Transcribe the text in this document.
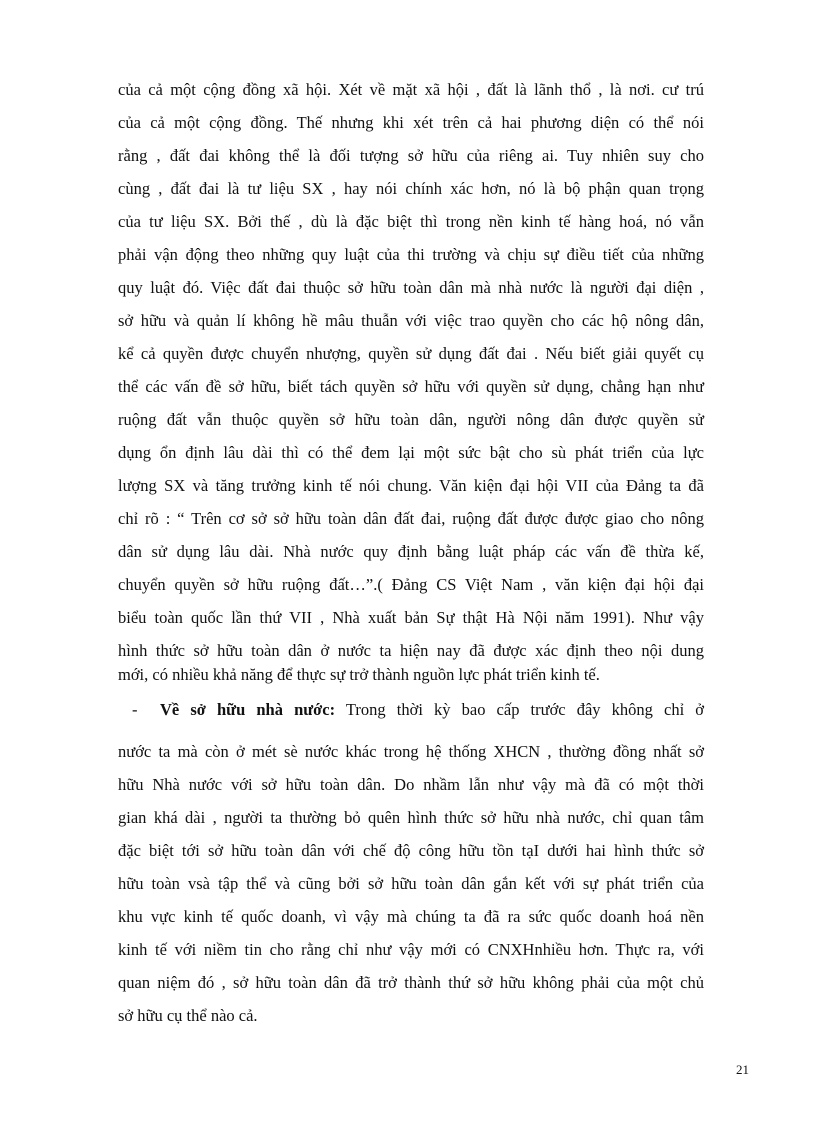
của cả một cộng đồng xã hội. Xét về mặt xã hội , đất là lãnh thổ , là nơi. cư trú
của cả một cộng đồng. Thế nhưng khi xét trên cả hai phương diện có thể nói
rằng , đất đai không thể là đối tượng sở hữu của riêng ai. Tuy nhiên suy cho
cùng , đất đai là tư liệu SX , hay nói chính xác hơn, nó là bộ phận quan trọng
của tư liệu SX. Bởi thế , dù là đặc biệt thì trong nền kinh tế hàng hoá, nó vẫn
phải vận động theo những quy luật của thi trường và chịu sự điều tiết của những
quy luật đó. Việc đất đai thuộc sở hữu toàn dân mà nhà nước là người đại diện ,
sở hữu và quản lí không hề mâu thuẫn với việc trao quyền cho các hộ nông dân,
kể cả quyền được chuyển nhượng, quyền sử dụng đất đai . Nếu biết giải quyết cụ
thể các vấn đề sở hữu, biết tách quyền sở hữu với quyền sử dụng, chẳng hạn như
ruộng đất vẫn thuộc quyền sở hữu toàn dân, người nông dân được quyền sử
dụng ổn định lâu dài thì có thể đem lại một sức bật cho sù phát triển của lực
lượng SX và tăng trưởng kinh tế nói chung. Văn kiện đại hội VII của Đảng ta đã
chỉ rõ : “ Trên cơ sở sở hữu toàn dân đất đai, ruộng đất được được giao cho nông
dân sử dụng lâu dài. Nhà nước quy định bằng luật pháp các vấn đề thừa kế,
chuyển quyền sở hữu ruộng đất…”.( Đảng CS Việt Nam , văn kiện đại hội đại
biểu toàn quốc lần thứ VII , Nhà xuất bản Sự thật Hà Nội năm 1991). Như vậy
hình thức sở hữu toàn dân ở nước ta hiện nay đã được xác định theo nội dung
mới, có nhiều khả năng để thực sự trở thành nguồn lực phát triển kinh tế.
- Về sở hữu nhà nước: Trong thời kỳ bao cấp trước đây không chỉ ở
nước ta mà còn ở mét sè nước khác trong hệ thống XHCN , thường đồng nhất sở
hữu Nhà nước với sở hữu toàn dân. Do nhầm lẫn như vậy mà đã có một thời
gian khá dài , người ta thường bỏ quên hình thức sở hữu nhà nước, chỉ quan tâm
đặc biệt tới sở hữu toàn dân với chế độ công hữu tồn tạI dưới hai hình thức sở
hữu toàn vsà tập thể và cũng bởi sở hữu toàn dân gắn kết với sự phát triển của
khu vực kinh tế quốc doanh, vì vậy mà chúng ta đã ra sức quốc doanh hoá nền
kinh tế với niềm tin cho rằng chỉ như vậy mới có CNXHnhiều hơn. Thực ra, với
quan niệm đó , sở hữu toàn dân đã trở thành thứ sở hữu không phải của một chủ
sở hữu cụ thể nào cả.
21
